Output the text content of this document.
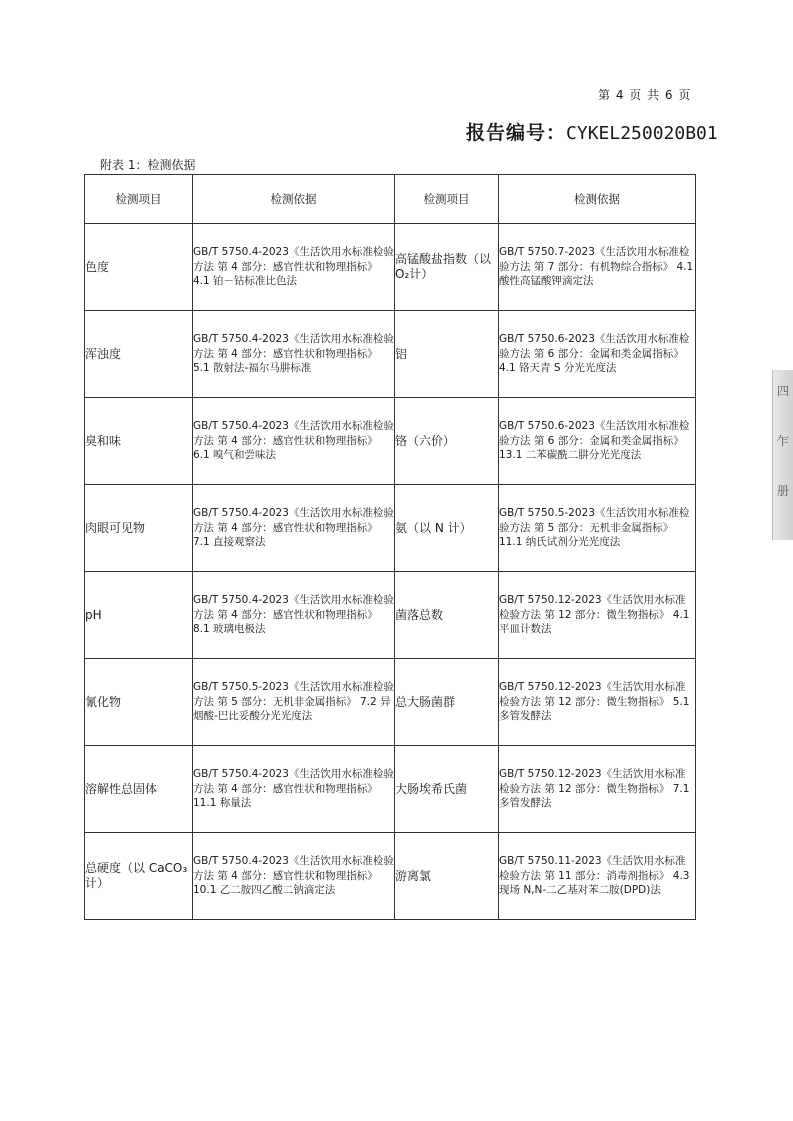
第 4 页 共 6 页
报告编号：CYKEL250020B01
附表 1：检测依据
检测项目	检测依据	检测项目	检测依据
色度	GB/T 5750.4-2023《生活饮用水标准检验方法 第 4 部分：感官性状和物理指标》 4.1 铂－钴标准比色法	高锰酸盐指数（以O₂计）	GB/T 5750.7-2023《生活饮用水标准检验方法 第 7 部分：有机物综合指标》 4.1 酸性高锰酸钾滴定法
浑浊度	GB/T 5750.4-2023《生活饮用水标准检验方法 第 4 部分：感官性状和物理指标》 5.1 散射法-福尔马肼标准	铝	GB/T 5750.6-2023《生活饮用水标准检验方法 第 6 部分：金属和类金属指标》 4.1 铬天青 S 分光光度法
臭和味	GB/T 5750.4-2023《生活饮用水标准检验方法 第 4 部分：感官性状和物理指标》 6.1 嗅气和尝味法	铬（六价）	GB/T 5750.6-2023《生活饮用水标准检验方法 第 6 部分：金属和类金属指标》 13.1 二苯碳酰二肼分光光度法
肉眼可见物	GB/T 5750.4-2023《生活饮用水标准检验方法 第 4 部分：感官性状和物理指标》 7.1 直接观察法	氨（以 N 计）	GB/T 5750.5-2023《生活饮用水标准检验方法 第 5 部分：无机非金属指标》 11.1 纳氏试剂分光光度法
pH	GB/T 5750.4-2023《生活饮用水标准检验方法 第 4 部分：感官性状和物理指标》 8.1 玻璃电极法	菌落总数	GB/T 5750.12-2023《生活饮用水标准检验方法 第 12 部分：微生物指标》 4.1 平皿计数法
氰化物	GB/T 5750.5-2023《生活饮用水标准检验方法 第 5 部分：无机非金属指标》 7.2 异烟酸-巴比妥酸分光光度法	总大肠菌群	GB/T 5750.12-2023《生活饮用水标准检验方法 第 12 部分：微生物指标》 5.1 多管发酵法
溶解性总固体	GB/T 5750.4-2023《生活饮用水标准检验方法 第 4 部分：感官性状和物理指标》 11.1 称量法	大肠埃希氏菌	GB/T 5750.12-2023《生活饮用水标准检验方法 第 12 部分：微生物指标》 7.1 多管发酵法
总硬度（以 CaCO₃ 计）	GB/T 5750.4-2023《生活饮用水标准检验方法 第 4 部分：感官性状和物理指标》 10.1 乙二胺四乙酸二钠滴定法	游离氯	GB/T 5750.11-2023《生活饮用水标准检验方法 第 11 部分：消毒剂指标》 4.3 现场 N,N-二乙基对苯二胺(DPD)法
四
乍
册
